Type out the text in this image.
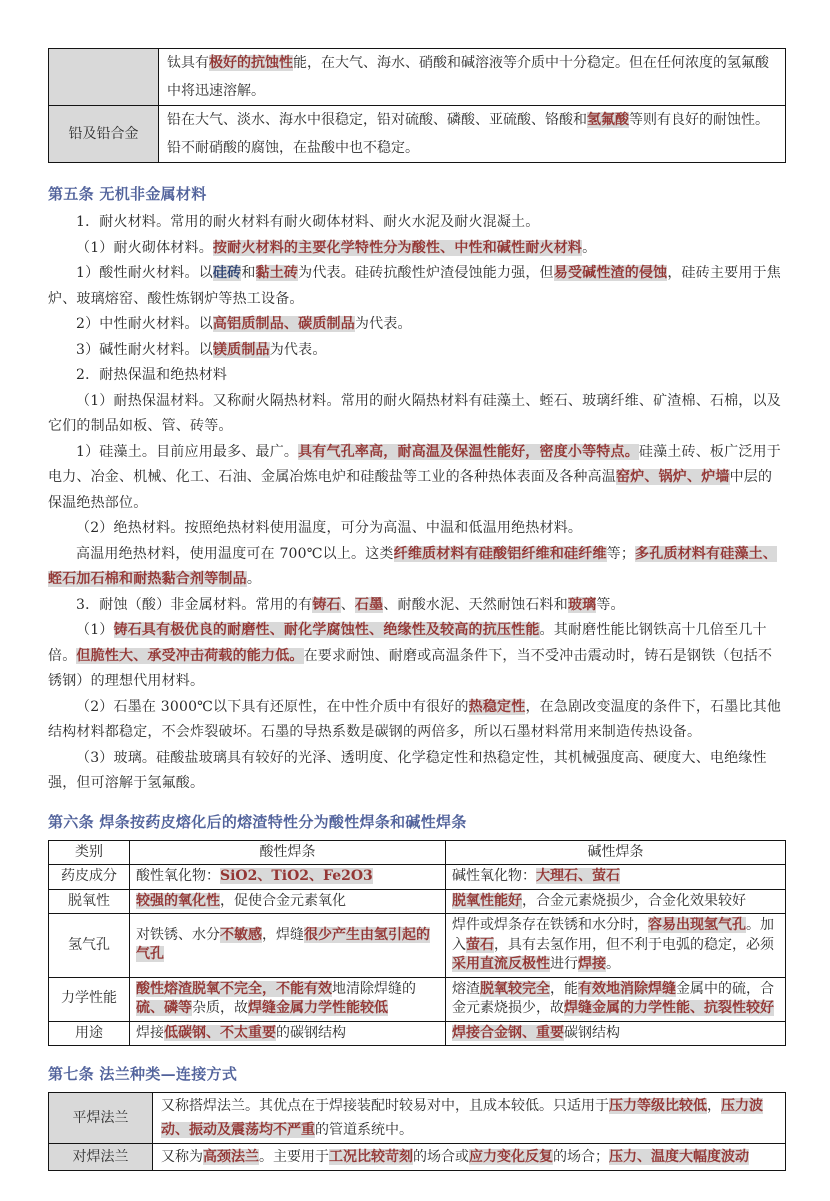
	钛具有极好的抗蚀性能，在大气、海水、硝酸和碱溶液等介质中十分稳定。但在任何浓度的氢氟酸中将迅速溶解。
铅及铅合金	铅在大气、淡水、海水中很稳定，铅对硫酸、磷酸、亚硫酸、铬酸和氢氟酸等则有良好的耐蚀性。铅不耐硝酸的腐蚀，在盐酸中也不稳定。
第五条 无机非金属材料

1．耐火材料。常用的耐火材料有耐火砌体材料、耐火水泥及耐火混凝土。

（1）耐火砌体材料。按耐火材料的主要化学特性分为酸性、中性和碱性耐火材料。

1）酸性耐火材料。以硅砖和黏土砖为代表。硅砖抗酸性炉渣侵蚀能力强，但易受碱性渣的侵蚀，硅砖主要用于焦炉、玻璃熔窑、酸性炼钢炉等热工设备。

2）中性耐火材料。以高铝质制品、碳质制品为代表。

3）碱性耐火材料。以镁质制品为代表。

2．耐热保温和绝热材料

（1）耐热保温材料。又称耐火隔热材料。常用的耐火隔热材料有硅藻土、蛭石、玻璃纤维、矿渣棉、石棉，以及它们的制品如板、管、砖等。

1）硅藻土。目前应用最多、最广。具有气孔率高，耐高温及保温性能好，密度小等特点。硅藻土砖、板广泛用于电力、冶金、机械、化工、石油、金属冶炼电炉和硅酸盐等工业的各种热体表面及各种高温窑炉、锅炉、炉墙中层的保温绝热部位。

（2）绝热材料。按照绝热材料使用温度，可分为高温、中温和低温用绝热材料。

高温用绝热材料，使用温度可在 700℃以上。这类纤维质材料有硅酸铝纤维和硅纤维等；多孔质材料有硅藻土、蛭石加石棉和耐热黏合剂等制品。

3．耐蚀（酸）非金属材料。常用的有铸石、石墨、耐酸水泥、天然耐蚀石料和玻璃等。

（1）铸石具有极优良的耐磨性、耐化学腐蚀性、绝缘性及较高的抗压性能。其耐磨性能比钢铁高十几倍至几十倍。但脆性大、承受冲击荷载的能力低。在要求耐蚀、耐磨或高温条件下，当不受冲击震动时，铸石是钢铁（包括不锈钢）的理想代用材料。

（2）石墨在 3000℃以下具有还原性，在中性介质中有很好的热稳定性，在急剧改变温度的条件下，石墨比其他结构材料都稳定，不会炸裂破坏。石墨的导热系数是碳钢的两倍多，所以石墨材料常用来制造传热设备。

（3）玻璃。硅酸盐玻璃具有较好的光泽、透明度、化学稳定性和热稳定性，其机械强度高、硬度大、电绝缘性强，但可溶解于氢氟酸。

第六条 焊条按药皮熔化后的熔渣特性分为酸性焊条和碱性焊条
类别	酸性焊条	碱性焊条
药皮成分	酸性氧化物：SiO2、TiO2、Fe2O3	碱性氧化物：大理石、萤石
脱氧性	较强的氧化性，促使合金元素氧化	脱氧性能好，合金元素烧损少，合金化效果较好
氢气孔	对铁锈、水分不敏感，焊缝很少产生由氢引起的气孔	焊件或焊条存在铁锈和水分时，容易出现氢气孔。加入萤石，具有去氢作用，但不利于电弧的稳定，必须采用直流反极性进行焊接。
力学性能	酸性熔渣脱氧不完全，不能有效地清除焊缝的硫、磷等杂质，故焊缝金属力学性能较低	熔渣脱氧较完全，能有效地消除焊缝金属中的硫，合金元素烧损少，故焊缝金属的力学性能、抗裂性较好
用途	焊接低碳钢、不太重要的碳钢结构	焊接合金钢、重要碳钢结构
第七条 法兰种类—连接方式
平焊法兰	又称搭焊法兰。其优点在于焊接装配时较易对中，且成本较低。只适用于压力等级比较低，压力波动、振动及震荡均不严重的管道系统中。
对焊法兰	又称为高颈法兰。主要用于工况比较苛刻的场合或应力变化反复的场合；压力、温度大幅度波动
